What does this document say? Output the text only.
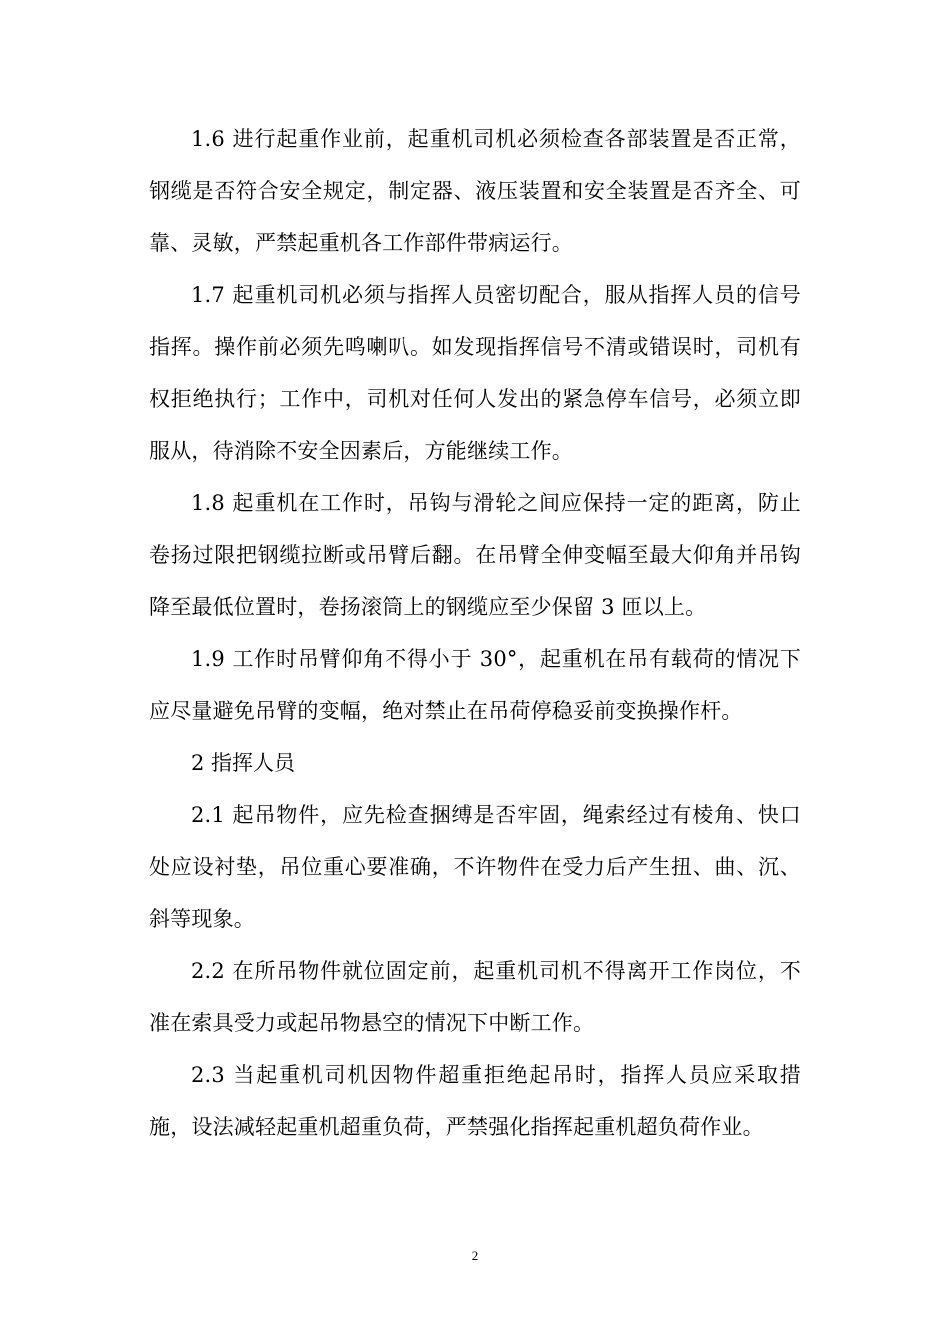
1.6 进行起重作业前，起重机司机必须检查各部装置是否正常，钢缆是否符合安全规定，制定器、液压装置和安全装置是否齐全、可靠、灵敏，严禁起重机各工作部件带病运行。

1.7 起重机司机必须与指挥人员密切配合，服从指挥人员的信号指挥。操作前必须先鸣喇叭。如发现指挥信号不清或错误时，司机有权拒绝执行；工作中，司机对任何人发出的紧急停车信号，必须立即服从，待消除不安全因素后，方能继续工作。

1.8 起重机在工作时，吊钩与滑轮之间应保持一定的距离，防止卷扬过限把钢缆拉断或吊臂后翻。在吊臂全伸变幅至最大仰角并吊钩降至最低位置时，卷扬滚筒上的钢缆应至少保留 3 匝以上。

1.9 工作时吊臂仰角不得小于 30°，起重机在吊有载荷的情况下应尽量避免吊臂的变幅，绝对禁止在吊荷停稳妥前变换操作杆。

2 指挥人员

2.1 起吊物件，应先检查捆缚是否牢固，绳索经过有棱角、快口处应设衬垫，吊位重心要准确，不许物件在受力后产生扭、曲、沉、斜等现象。

2.2 在所吊物件就位固定前，起重机司机不得离开工作岗位，不准在索具受力或起吊物悬空的情况下中断工作。

2.3 当起重机司机因物件超重拒绝起吊时，指挥人员应采取措施，设法减轻起重机超重负荷，严禁强化指挥起重机超负荷作业。

2
